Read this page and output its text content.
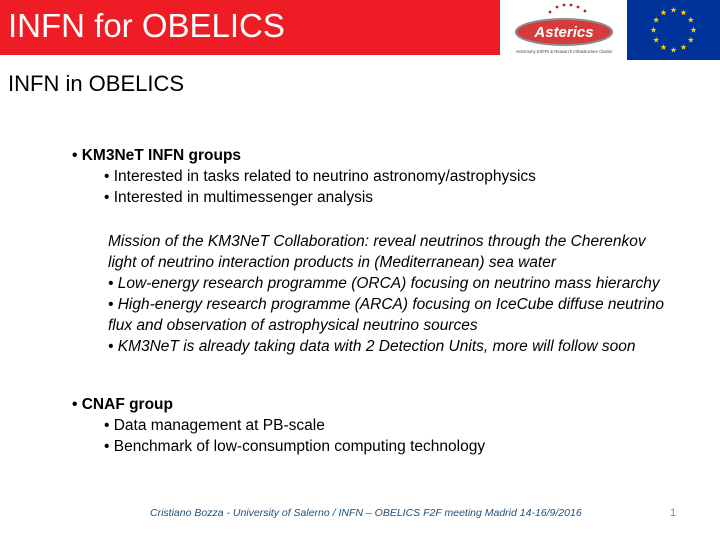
INFN for OBELICS	Asterics
Astronomy ESFRI & Research Infrastructure Cluster
INFN in OBELICS
• KM3NeT INFN groups
• Interested in tasks related to neutrino astronomy/astrophysics
• Interested in multimessenger analysis
Mission of the KM3NeT Collaboration: reveal neutrinos through the Cherenkov
light of neutrino interaction products in (Mediterranean) sea water
• Low-energy research programme (ORCA) focusing on neutrino mass hierarchy
• High-energy research programme (ARCA) focusing on IceCube diffuse neutrino
flux and observation of astrophysical neutrino sources
• KM3NeT is already taking data with 2 Detection Units, more will follow soon
• CNAF group
• Data management at PB-scale
• Benchmark of low-consumption computing technology
Cristiano Bozza - University of Salerno / INFN – OBELICS F2F meeting Madrid 14-16/9/2016	1
